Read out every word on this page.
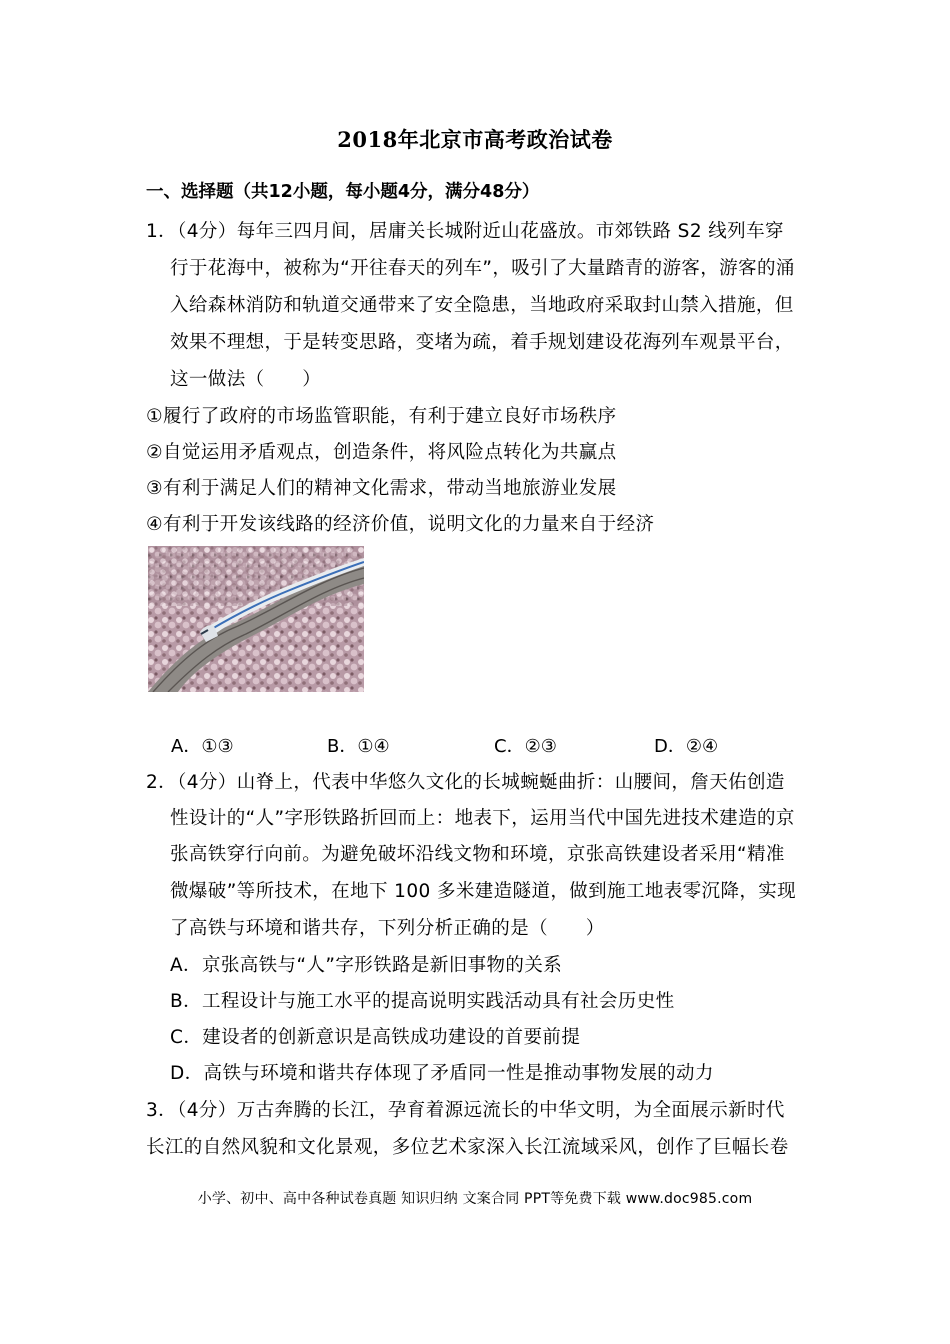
2018年北京市高考政治试卷
一、选择题（共12小题，每小题4分，满分48分）
1．（4分）每年三四月间，居庸关长城附近山花盛放。市郊铁路 S2 线列车穿
行于花海中，被称为“开往春天的列车”，吸引了大量踏青的游客，游客的涌
入给森林消防和轨道交通带来了安全隐患，当地政府采取封山禁入措施，但
效果不理想，于是转变思路，变堵为疏，着手规划建设花海列车观景平台，
这一做法（　　）
①履行了政府的市场监管职能，有利于建立良好市场秩序
②自觉运用矛盾观点，创造条件，将风险点转化为共赢点
③有利于满足人们的精神文化需求，带动当地旅游业发展
④有利于开发该线路的经济价值，说明文化的力量来自于经济
A．①③	B．①④	C．②③	D．②④
2．（4分）山脊上，代表中华悠久文化的长城蜿蜒曲折：山腰间，詹天佑创造
性设计的“人”字形铁路折回而上：地表下，运用当代中国先进技术建造的京
张高铁穿行向前。为避免破坏沿线文物和环境，京张高铁建设者采用“精准
微爆破”等所技术，在地下 100 多米建造隧道，做到施工地表零沉降，实现
了高铁与环境和谐共存，下列分析正确的是（　　）
A．京张高铁与“人”字形铁路是新旧事物的关系
B．工程设计与施工水平的提高说明实践活动具有社会历史性
C．建设者的创新意识是高铁成功建设的首要前提
D．高铁与环境和谐共存体现了矛盾同一性是推动事物发展的动力
3．（4分）万古奔腾的长江，孕育着源远流长的中华文明，为全面展示新时代
长江的自然风貌和文化景观，多位艺术家深入长江流域采风，创作了巨幅长卷
小学、初中、高中各种试卷真题 知识归纳 文案合同 PPT等免费下载 www.doc985.com
